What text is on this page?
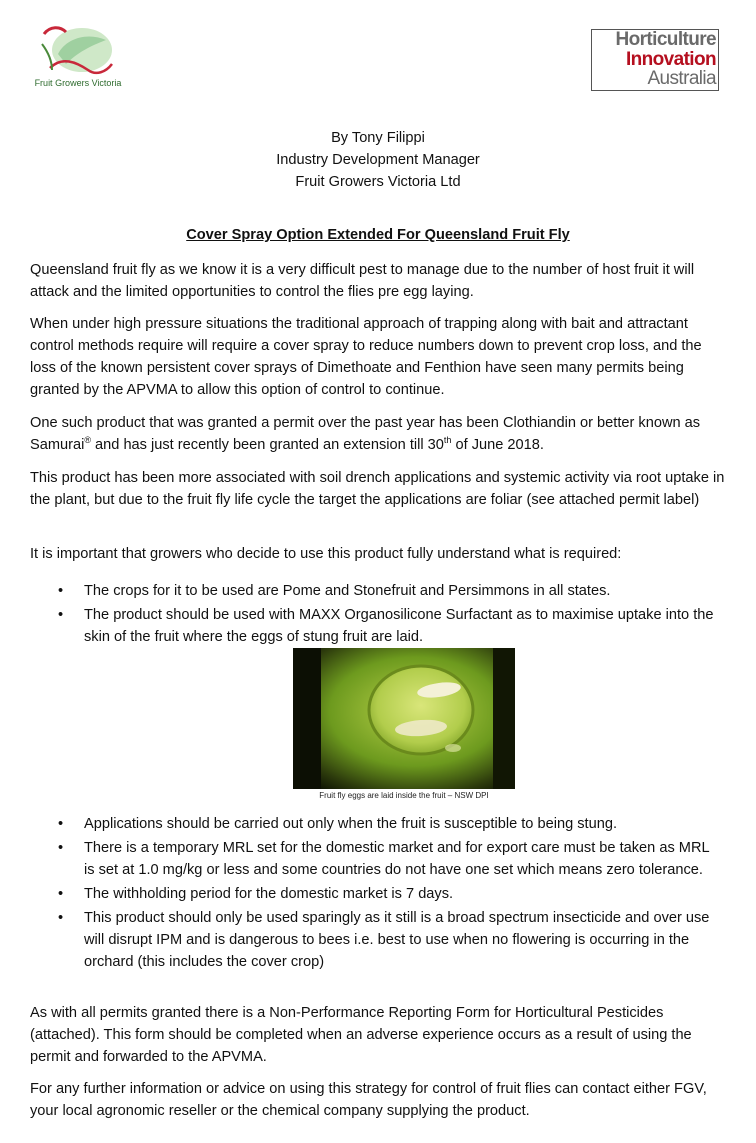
Fruit Growers Victoria
Horticulture
Innovation
Australia
By Tony Filippi
Industry Development Manager
Fruit Growers Victoria Ltd
Cover Spray Option Extended For Queensland Fruit Fly

Queensland fruit fly as we know it is a very difficult pest to manage due to the number of host fruit it will attack and the limited opportunities to control the flies pre egg laying.

When under high pressure situations the traditional approach of trapping along with bait and attractant control methods require will require a cover spray to reduce numbers down to prevent crop loss, and the loss of the known persistent cover sprays of Dimethoate and Fenthion have seen many permits being granted by the APVMA to allow this option of control to continue.

One such product that was granted a permit over the past year has been Clothiandin or better known as Samurai® and has just recently been granted an extension till 30th of June 2018.

This product has been more associated with soil drench applications and systemic activity via root uptake in the plant, but due to the fruit fly life cycle the target the applications are foliar (see attached permit label)

It is important that growers who decide to use this product fully understand what is required:

• The crops for it to be used are Pome and Stonefruit and Persimmons in all states.
• The product should be used with MAXX Organosilicone Surfactant as to maximise uptake into the skin of the fruit where the eggs of stung fruit are laid.
Fruit fly eggs are laid inside the fruit – NSW DPI
• Applications should be carried out only when the fruit is susceptible to being stung.
• There is a temporary MRL set for the domestic market and for export care must be taken as MRL is set at 1.0 mg/kg or less and some countries do not have one set which means zero tolerance.
• The withholding period for the domestic market is 7 days.
• This product should only be used sparingly as it still is a broad spectrum insecticide and over use will disrupt IPM and is dangerous to bees i.e. best to use when no flowering is occurring in the orchard (this includes the cover crop)

As with all permits granted there is a Non-Performance Reporting Form for Horticultural Pesticides (attached). This form should be completed when an adverse experience occurs as a result of using the permit and forwarded to the APVMA.

For any further information or advice on using this strategy for control of fruit flies can contact either FGV, your local agronomic reseller or the chemical company supplying the product.
